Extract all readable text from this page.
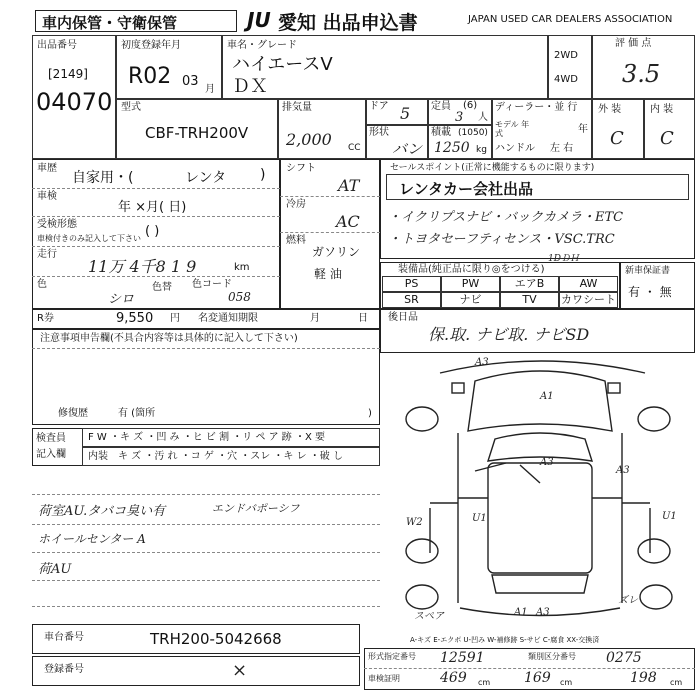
車内保管・守衛保管	JU 愛知 出品申込書	JAPAN USED CAR DEALERS ASSOCIATION
出品番号
[2149]
04070
初度登録年月
R02 03
月
車名・グレード
ハイエースV
ＤＸ
2WD
4WD
評 価 点
3.5
外 装	内 装
C C
型式
CBF-TRH200V
排気量
2,000 CC
ドア 5
形状
バン
定員 (6)
3 人
積載 (1050)
1250 kg
ディーラー・並 行
モデル 年式	年
ハンドル 左 右
車歴
自家用・(	レンタ )
車検
年 ×月( 日)
受検形態
車検付きのみ記入して下さい ( )
走行
11万 4千8 1 9	km
色
シロ
色替 色コード
058
R券	9,550 円 名変通知期限	月	日
シフト
AT
冷房
AC
燃料
ガソリン
軽 油
セールスポイント(正常に機能するものに限ります)
レンタカー会社出品
・イクリプスナビ・バックカメラ・ETC
・トヨタセーフティセンス・VSC.TRC
1DＤＨ
装備品(純正品に限り◎をつける)
PS	PW	エアB	AW
SR	ナビ	TV	カワシート
新車保証書
有 ・ 無
後日品
保.取. ナビ取. ナビSD
注意事項申告欄(不具合内容等は具体的に記入して下さい)
修復歴	有 (箇所	)
検査員
記入欄
F W ・キ ズ ・凹 み ・ヒ ビ 割 ・リ ペ ア 跡 ・X 要
内装 キ ズ ・汚 れ ・コ ゲ ・穴 ・スレ ・キ レ ・破 し
荷室AU.タバコ臭い有	エンドバポーシフ
ホイールセンター A
荷AU
A3
A1
A3
U1
W2
A3
U1
A1 A3
スペア
ズレ
A-キズ E-エクボ U-凹み W-補修跡 S-サビ C-腐食 XX-交換済
車台番号	TRH200-5042668
登録番号	×
形式指定番号 12591	類別区分番号 0275
車検証明	469 cm 169 cm	198 cm
